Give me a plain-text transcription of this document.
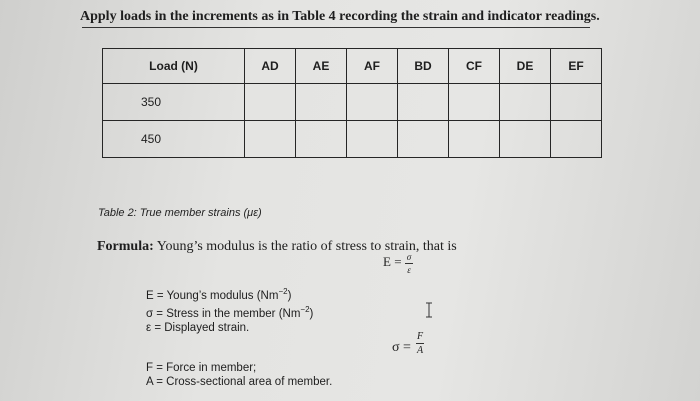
Apply loads in the increments as in Table 4 recording the strain and indicator readings.
Load (N)	AD	AE	AF	BD	CF	DE	EF
350							
450							
Table 2: True member strains (με)
Formula: Young’s modulus is the ratio of stress to strain, that is
E = σ
ε
E = Young’s modulus $(Nm^{-2})$
σ = Stress in the member $(Nm^{-2})$
ε = Displayed strain.
σ =
F
A
F = Force in member;
A = Cross-sectional area of member.
